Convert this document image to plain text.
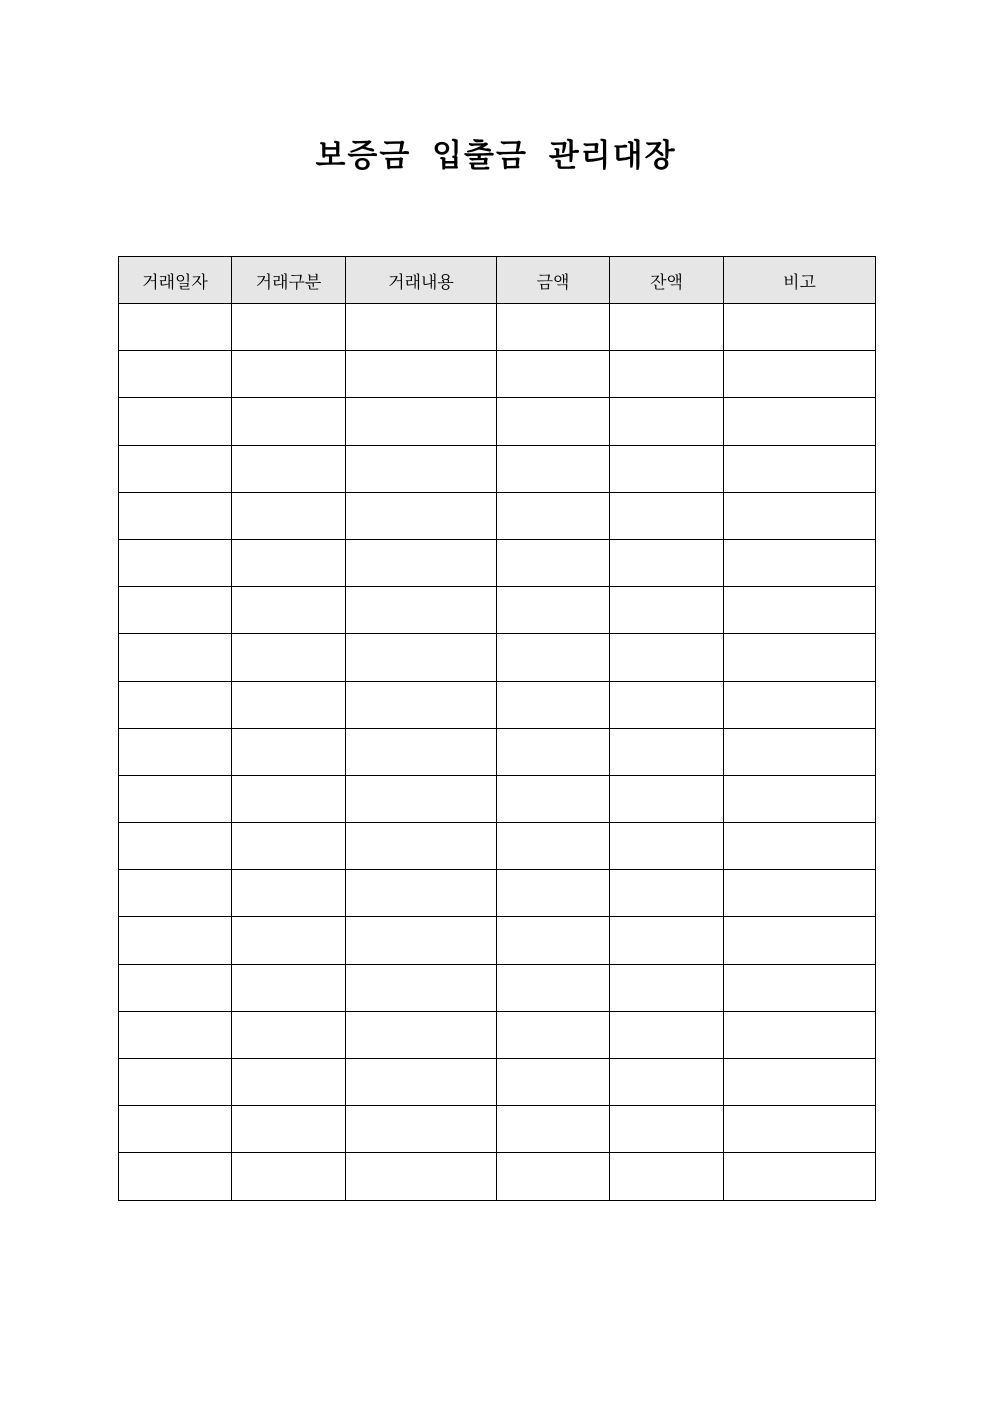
보증금 입출금 관리대장
거래일자	거래구분	거래내용	금액	잔액	비고
